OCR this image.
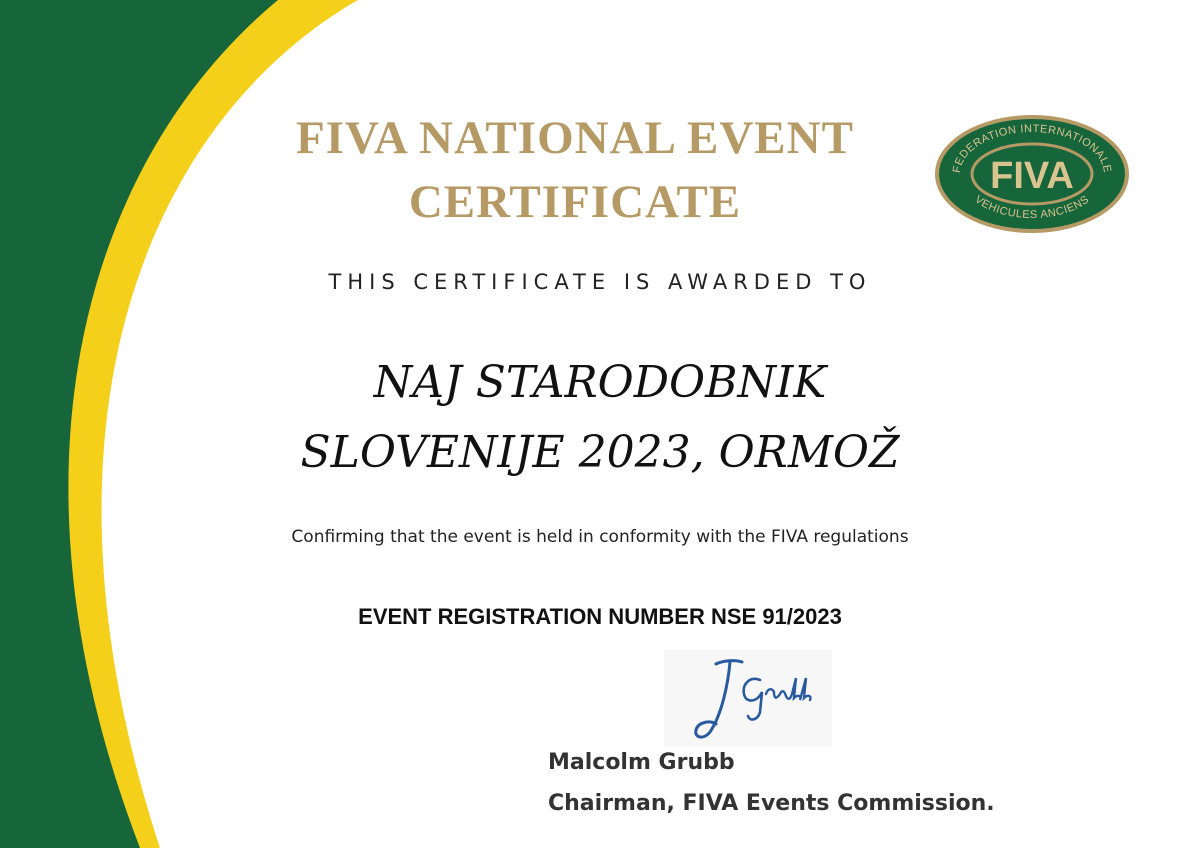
FIVA NATIONAL EVENT
CERTIFICATE
FEDERATION INTERNATIONALE
VEHICULES ANCIENS
FIVA
THIS CERTIFICATE IS AWARDED TO
NAJ STARODOBNIK
SLOVENIJE 2023, ORMOŽ
Confirming that the event is held in conformity with the FIVA regulations
EVENT REGISTRATION NUMBER NSE 91/2023
Malcolm Grubb
Chairman, FIVA Events Commission.
